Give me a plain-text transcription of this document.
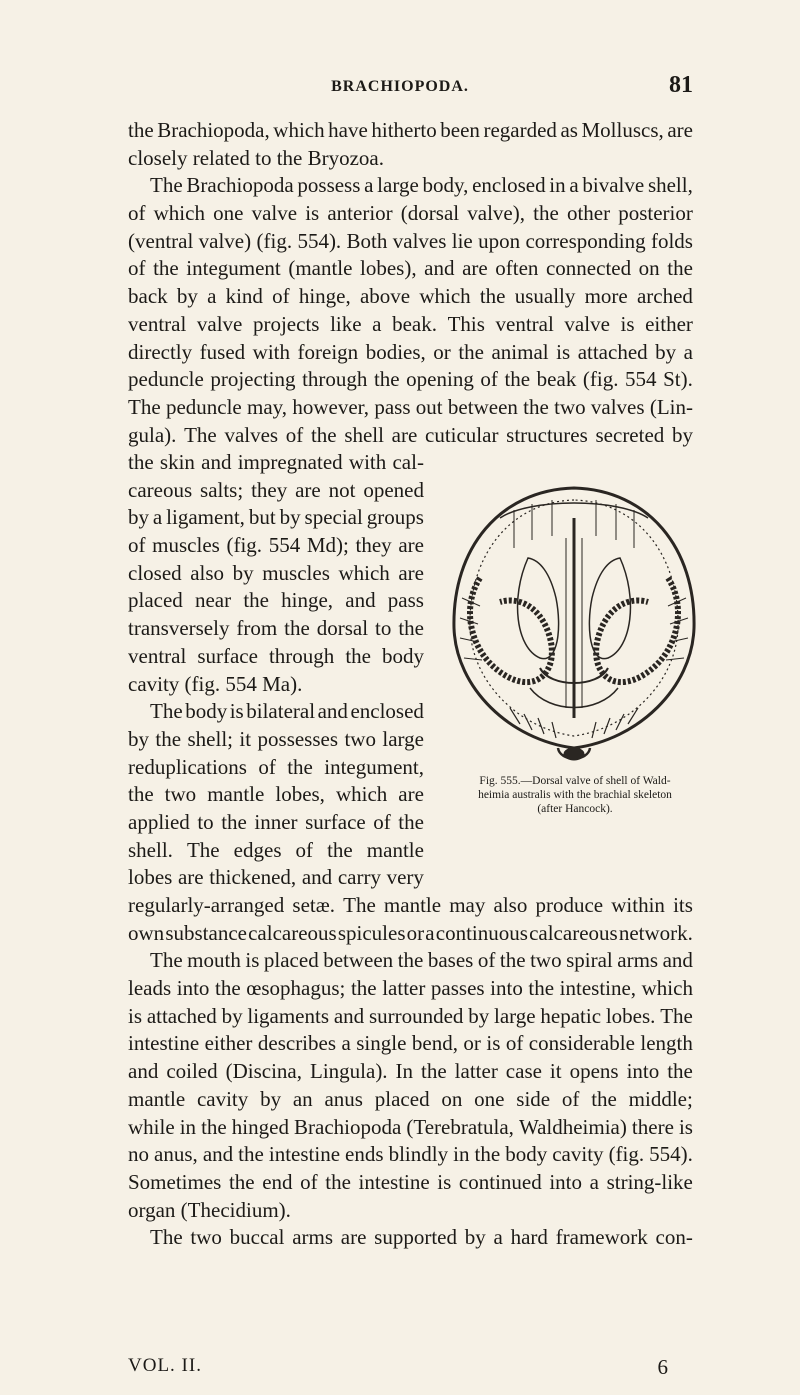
BRACHIOPODA.	81
the Brachiopoda, which have hitherto been regarded as Molluscs, are
closely related to the Bryozoa.
The Brachiopoda possess a large body, enclosed in a bivalve shell,
of which one valve is anterior (dorsal valve), the other posterior
(ventral valve) (fig. 554). Both valves lie upon corresponding folds
of the integument (mantle lobes), and are often connected on the
back by a kind of hinge, above which the usually more arched
ventral valve projects like a beak. This ventral valve is either
directly fused with foreign bodies, or the animal is attached by a
peduncle projecting through the opening of the beak (fig. 554 St).
The peduncle may, however, pass out between the two valves (Lin-
gula). The valves of the shell are cuticular structures secreted by
the skin and impregnated with cal-
careous salts; they are not opened
by a ligament, but by special groups
of muscles (fig. 554 Md); they are
closed also by muscles which are
placed near the hinge, and pass
transversely from the dorsal to the
ventral surface through the body
cavity (fig. 554 Ma).
The body is bilateral and enclosed
by the shell; it possesses two large
reduplications of the integument,
the two mantle lobes, which are
applied to the inner surface of the
shell. The edges of the mantle
lobes are thickened, and carry very
Fig. 555.—Dorsal valve of shell of Wald-
heimia australis with the brachial skeleton
(after Hancock).
regularly-arranged setæ. The mantle may also produce within its
own substance calcareous spicules or a continuous calcareous network.
The mouth is placed between the bases of the two spiral arms and
leads into the œsophagus; the latter passes into the intestine, which
is attached by ligaments and surrounded by large hepatic lobes. The
intestine either describes a single bend, or is of considerable length
and coiled (Discina, Lingula). In the latter case it opens into the
mantle cavity by an anus placed on one side of the middle;
while in the hinged Brachiopoda (Terebratula, Waldheimia) there is
no anus, and the intestine ends blindly in the body cavity (fig. 554).
Sometimes the end of the intestine is continued into a string-like
organ (Thecidium).
The two buccal arms are supported by a hard framework con-
VOL. II.	6
